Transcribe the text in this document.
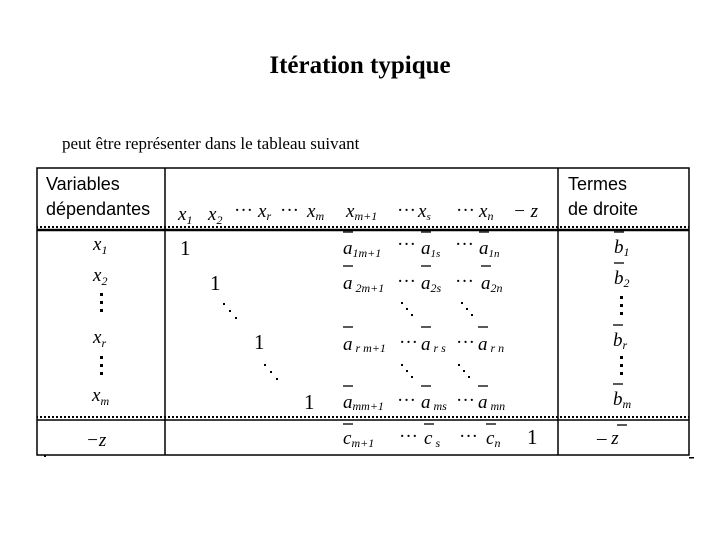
Itération typique
peut être représenter dans le tableau suivant
Variables
dépendantes
Termes
de droite
$x_1$ $x_2$ ··· xr ··· xm xm+1 ··· xs ··· xn − z
$x_1$
$x_2$
$x_r$
$x_m$
−z
1
1
1
1
a1m+1 ··· a1s ··· a1n
a 2m+1 ··· a2s ··· a2n
a r m+1 ··· a r s ··· a r n
amm+1 ··· a ms ··· a mn
cm+1 ··· c s ··· cn 1
b1
b2
br
bm
– z
